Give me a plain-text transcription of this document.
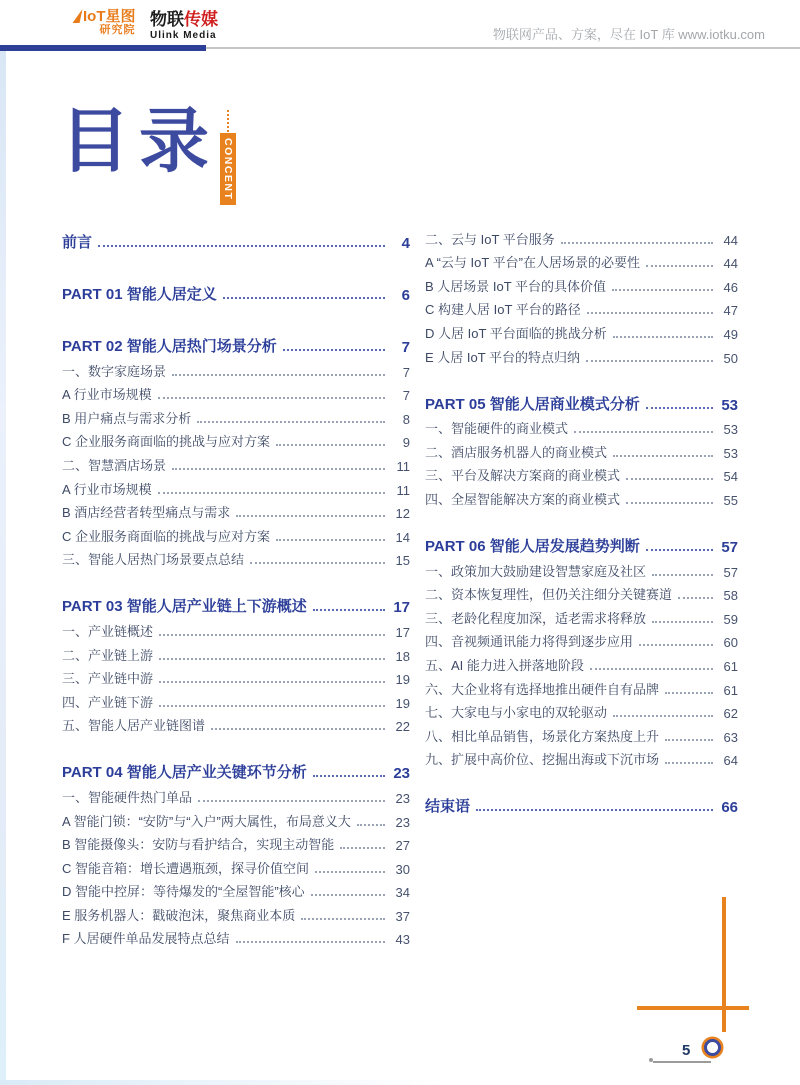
IoT星图
研究院
物联传媒
Ulink Media	物联网产品、方案，尽在 IoT 库 www.iotku.com
目录 CONCENT
前言	4
PART 01 智能人居定义	6
PART 02 智能人居热门场景分析	7
一、数字家庭场景	7
A 行业市场规模	7
B 用户痛点与需求分析	8
C 企业服务商面临的挑战与应对方案	9
二、智慧酒店场景	11
A 行业市场规模	11
B 酒店经营者转型痛点与需求	12
C 企业服务商面临的挑战与应对方案	14
三、智能人居热门场景要点总结	15
PART 03 智能人居产业链上下游概述	17
一、产业链概述	17
二、产业链上游	18
三、产业链中游	19
四、产业链下游	19
五、智能人居产业链图谱	22
PART 04 智能人居产业关键环节分析	23
一、智能硬件热门单品	23
A 智能门锁：“安防”与“入户”两大属性，布局意义大	23
B 智能摄像头：安防与看护结合，实现主动智能	27
C 智能音箱：增长遭遇瓶颈，探寻价值空间	30
D 智能中控屏：等待爆发的“全屋智能”核心	34
E 服务机器人：戳破泡沫，聚焦商业本质	37
F 人居硬件单品发展特点总结	43
二、云与 IoT 平台服务	44
A “云与 IoT 平台”在人居场景的必要性	44
B 人居场景 IoT 平台的具体价值	46
C 构建人居 IoT 平台的路径	47
D 人居 IoT 平台面临的挑战分析	49
E 人居 IoT 平台的特点归纳	50
PART 05 智能人居商业模式分析	53
一、智能硬件的商业模式	53
二、酒店服务机器人的商业模式	53
三、平台及解决方案商的商业模式	54
四、全屋智能解决方案的商业模式	55
PART 06 智能人居发展趋势判断	57
一、政策加大鼓励建设智慧家庭及社区	57
二、资本恢复理性，但仍关注细分关键赛道	58
三、老龄化程度加深，适老需求将释放	59
四、音视频通讯能力将得到逐步应用	60
五、AI 能力进入拼落地阶段	61
六、大企业将有选择地推出硬件自有品牌	61
七、大家电与小家电的双轮驱动	62
八、相比单品销售，场景化方案热度上升	63
九、扩展中高价位、挖掘出海或下沉市场	64
结束语	66
5
